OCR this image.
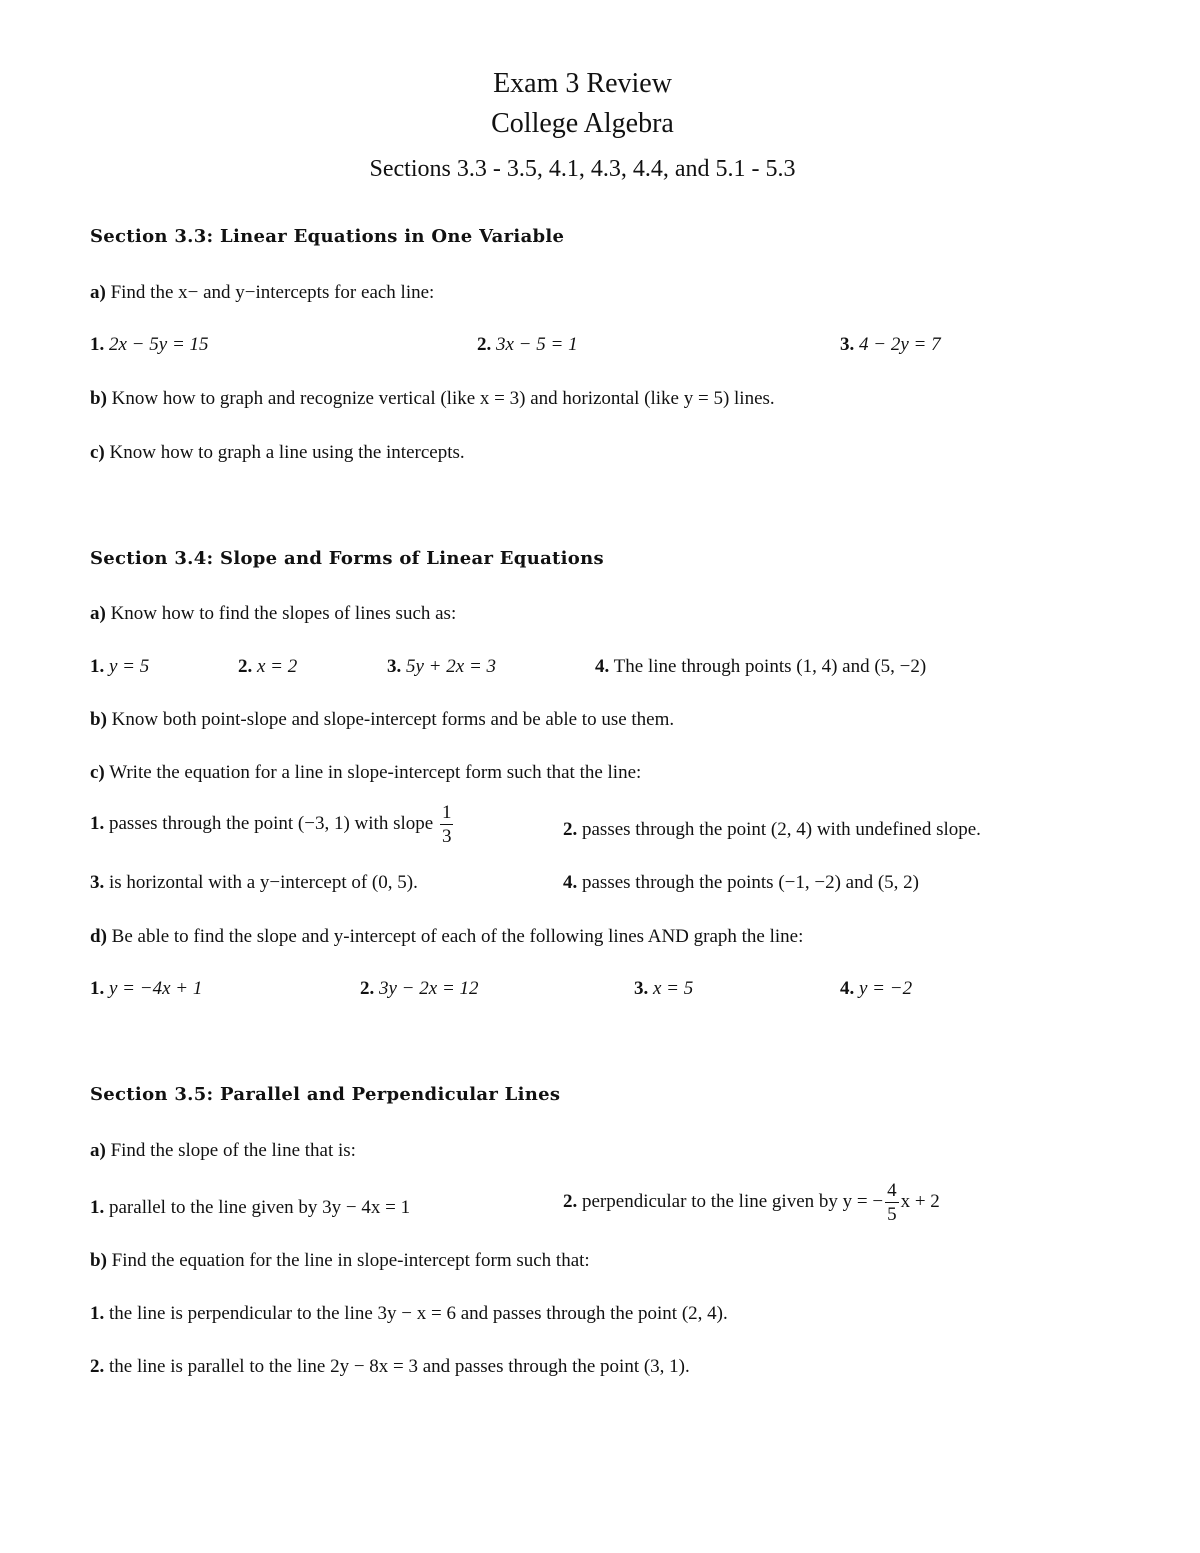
Exam 3 Review
College Algebra
Sections 3.3 - 3.5, 4.1, 4.3, 4.4, and 5.1 - 5.3
Section 3.3: Linear Equations in One Variable
a) Find the x− and y−intercepts for each line:
1. 2x − 5y = 15	2. 3x − 5 = 1	3. 4 − 2y = 7
b) Know how to graph and recognize vertical (like x = 3) and horizontal (like y = 5) lines.
c) Know how to graph a line using the intercepts.
Section 3.4: Slope and Forms of Linear Equations
a) Know how to find the slopes of lines such as:
1. y = 5	2. x = 2	3. 5y + 2x = 3	4. The line through points (1, 4) and (5, −2)
b) Know both point-slope and slope-intercept forms and be able to use them.
c) Write the equation for a line in slope-intercept form such that the line:
1. passes through the point (−3, 1) with slope $\frac{1}{3}$	2. passes through the point (2, 4) with undefined slope.
3. is horizontal with a y−intercept of (0, 5).	4. passes through the points (−1, −2) and (5, 2)
d) Be able to find the slope and y-intercept of each of the following lines AND graph the line:
1. y = −4x + 1	2. 3y − 2x = 12	3. x = 5	4. y = −2
Section 3.5: Parallel and Perpendicular Lines
a) Find the slope of the line that is:
1. parallel to the line given by 3y − 4x = 1	2. perpendicular to the line given by y = − $\frac{4}{5}$ x + 2
b) Find the equation for the line in slope-intercept form such that:
1. the line is perpendicular to the line 3y − x = 6 and passes through the point (2, 4).
2. the line is parallel to the line 2y − 8x = 3 and passes through the point (3, 1).
